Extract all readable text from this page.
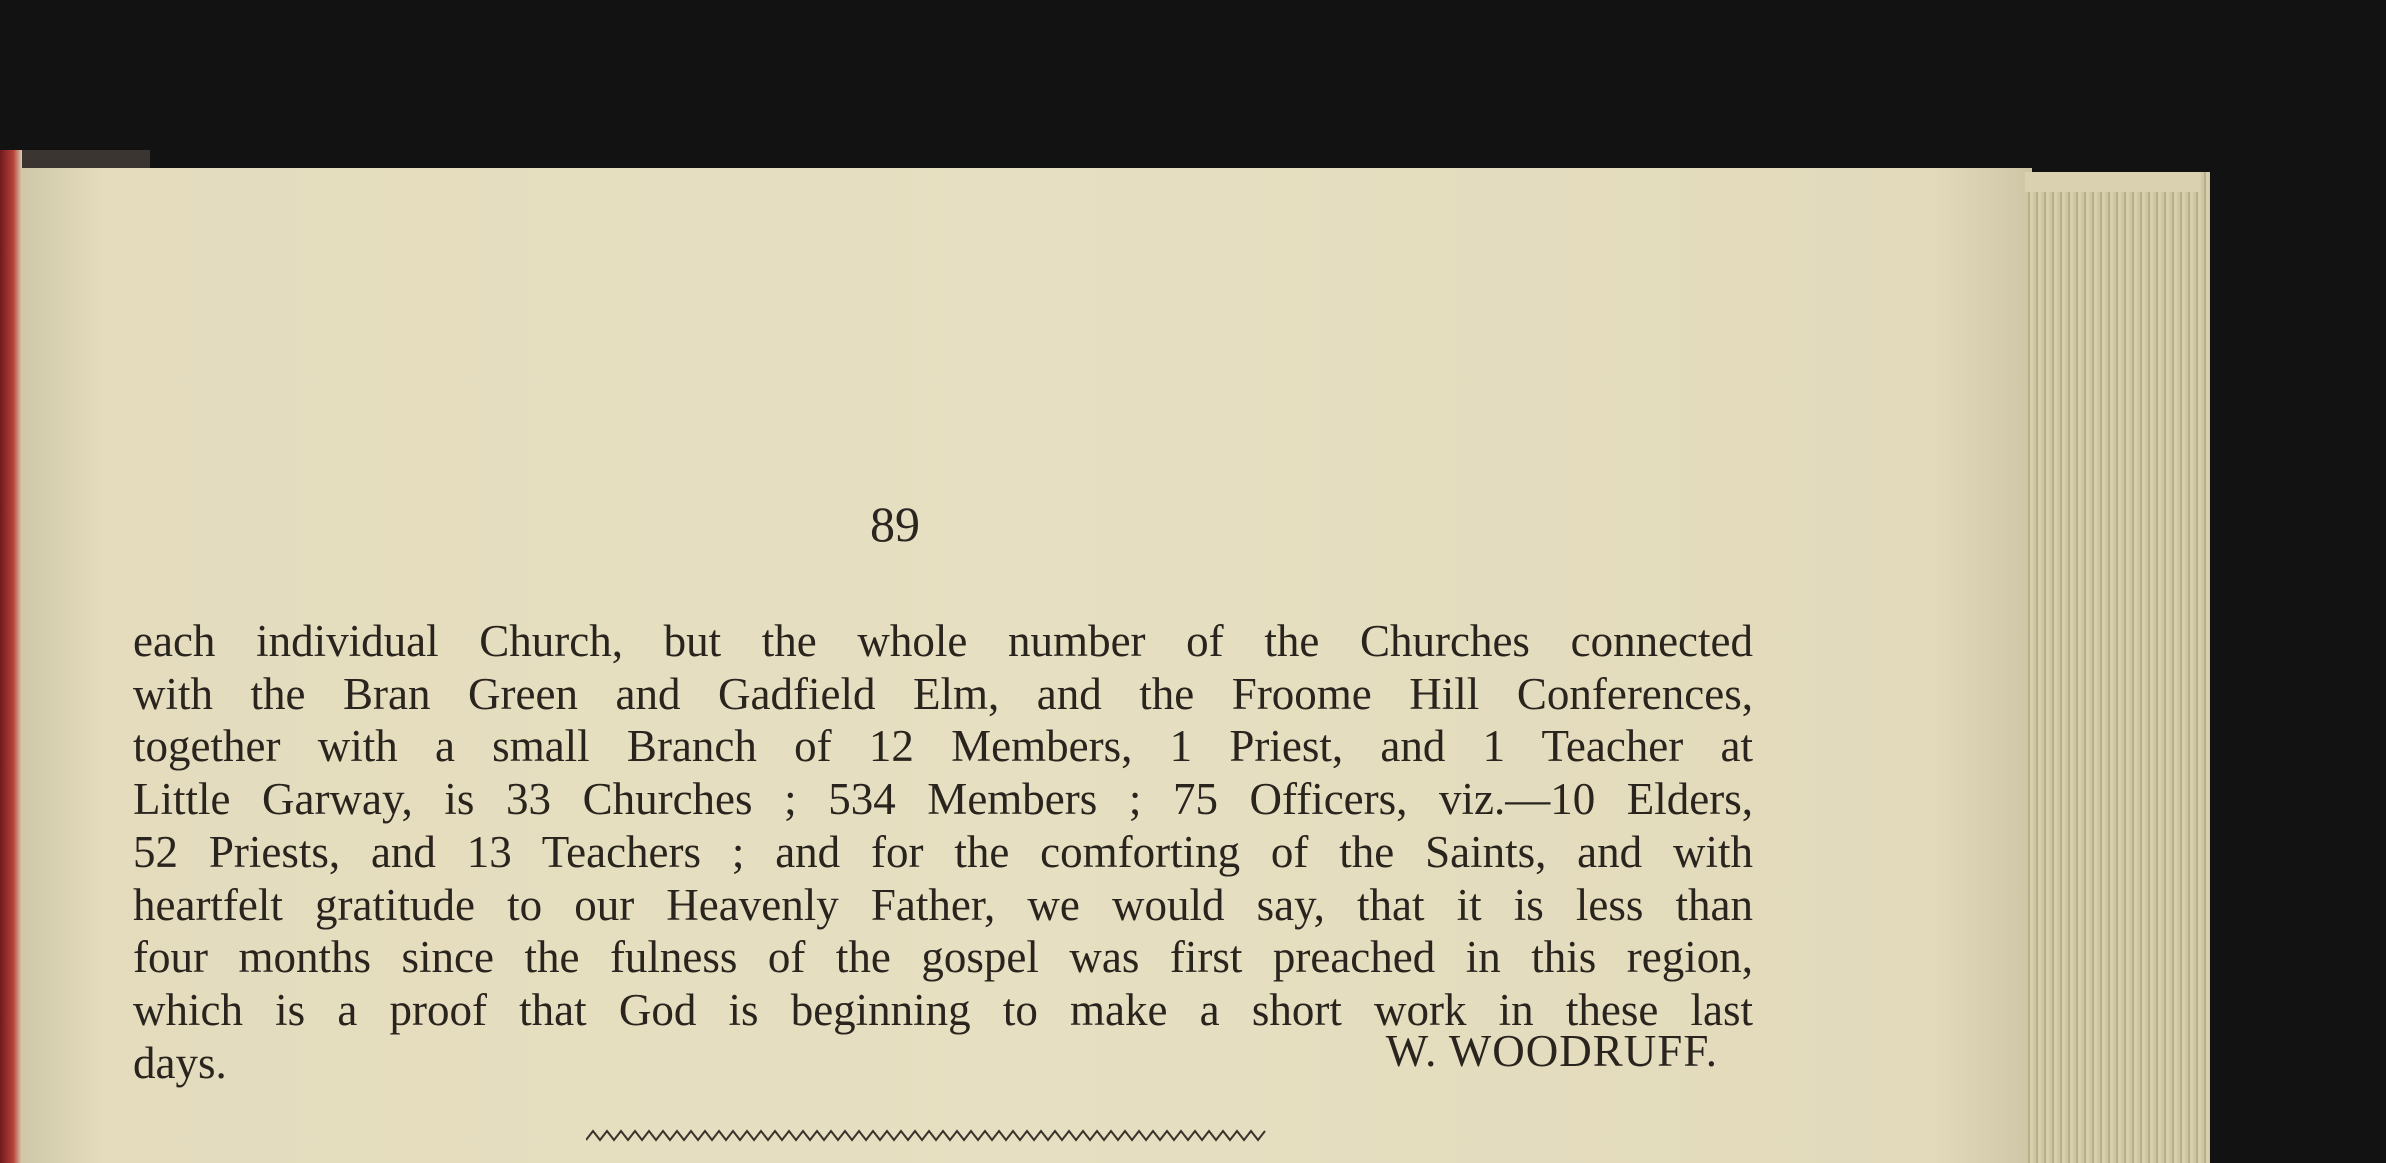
89
each individual Church, but the whole number of the Churches connected
with the Bran Green and Gadfield Elm, and the Froome Hill Conferences,
together with a small Branch of 12 Members, 1 Priest, and 1 Teacher at
Little Garway, is 33 Churches ; 534 Members ; 75 Officers, viz.—10 Elders,
52 Priests, and 13 Teachers ; and for the comforting of the Saints, and with
heartfelt gratitude to our Heavenly Father, we would say, that it is less than
four months since the fulness of the gospel was first preached in this region,
which is a proof that God is beginning to make a short work in these last
days.	W. WOODRUFF.
